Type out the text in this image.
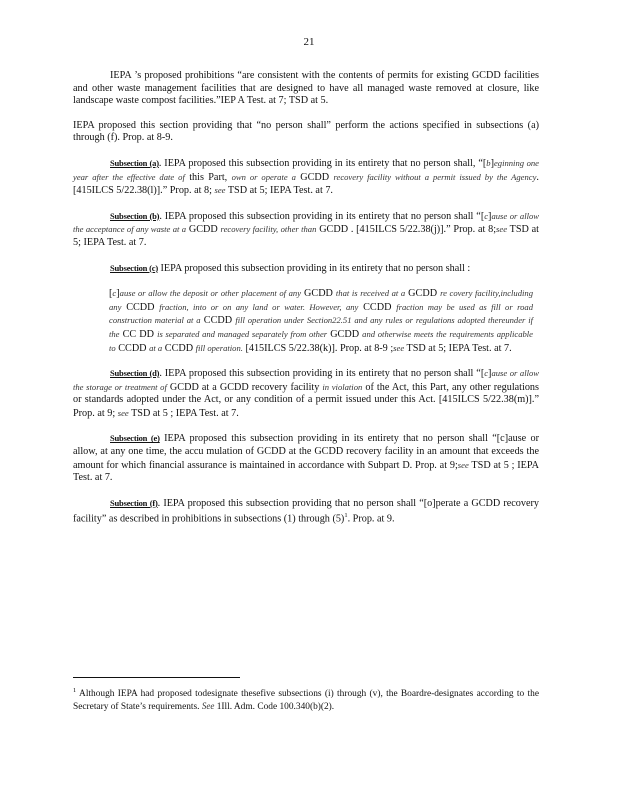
21

IEPA ’s proposed prohibitions “are consistent with the contents of permits for existing GCDD facilities and other waste management facilities that are designed to have all managed waste removed at closure, like landscape waste compost facilities.”IEP A Test. at 7; TSD at 5.

IEPA proposed this section providing that “no person shall” perform the actions specified in subsections (a) through (f). Prop. at 8-9.

Subsection (a). IEPA proposed this subsection providing in its entirety that no person shall, “[b]eginning one year after the effective date of this Part, own or operate a GCDD recovery facility without a permit issued by the Agency. [415ILCS 5/22.38(l)].” Prop. at 8; see TSD at 5; IEPA Test. at 7.

Subsection (b). IEPA proposed this subsection providing in its entirety that no person shall “[c]ause or allow the acceptance of any waste at a GCDD recovery facility, other than GCDD . [415ILCS 5/22.38(j)].” Prop. at 8;see TSD at 5; IEPA Test. at 7.

Subsection (c) IEPA proposed this subsection providing in its entirety that no person shall :

[c]ause or allow the deposit or other placement of any GCDD that is received at a GCDD re covery facility,including any CCDD fraction, into or on any land or water. However, any CCDD fraction may be used as fill or road construction material at a CCDD fill operation under Section22.51 and any rules or regulations adopted thereunder if the CC DD is separated and managed separately from other GCDD and otherwise meets the requirements applicable to CCDD at a CCDD fill operation. [415ILCS 5/22.38(k)]. Prop. at 8-9 ;see TSD at 5; IEPA Test. at 7.

Subsection (d). IEPA proposed this subsection providing in its entirety that no person shall “[c]ause or allow the storage or treatment of GCDD at a GCDD recovery facility in violation of the Act, this Part, any other regulations or standards adopted under the Act, or any condition of a permit issued under this Act. [415ILCS 5/22.38(m)].” Prop. at 9; see TSD at 5 ; IEPA Test. at 7.

Subsection (e) IEPA proposed this subsection providing in its entirety that no person shall “[c]ause or allow, at any one time, the accu mulation of GCDD at the GCDD recovery facility in an amount that exceeds the amount for which financial assurance is maintained in accordance with Subpart D. Prop. at 9;see TSD at 5 ; IEPA Test. at 7.

Subsection (f). IEPA proposed this subsection providing that no person shall “[o]perate a GCDD recovery facility” as described in prohibitions in subsections (1) through $(5)^1$. Prop. at 9.

$^1$ Although IEPA had proposed todesignate thesefive subsections (i) through (v), the Boardre-designates according to the Secretary of State’s requirements. See 1Ill. Adm. Code 100.340(b)(2).
